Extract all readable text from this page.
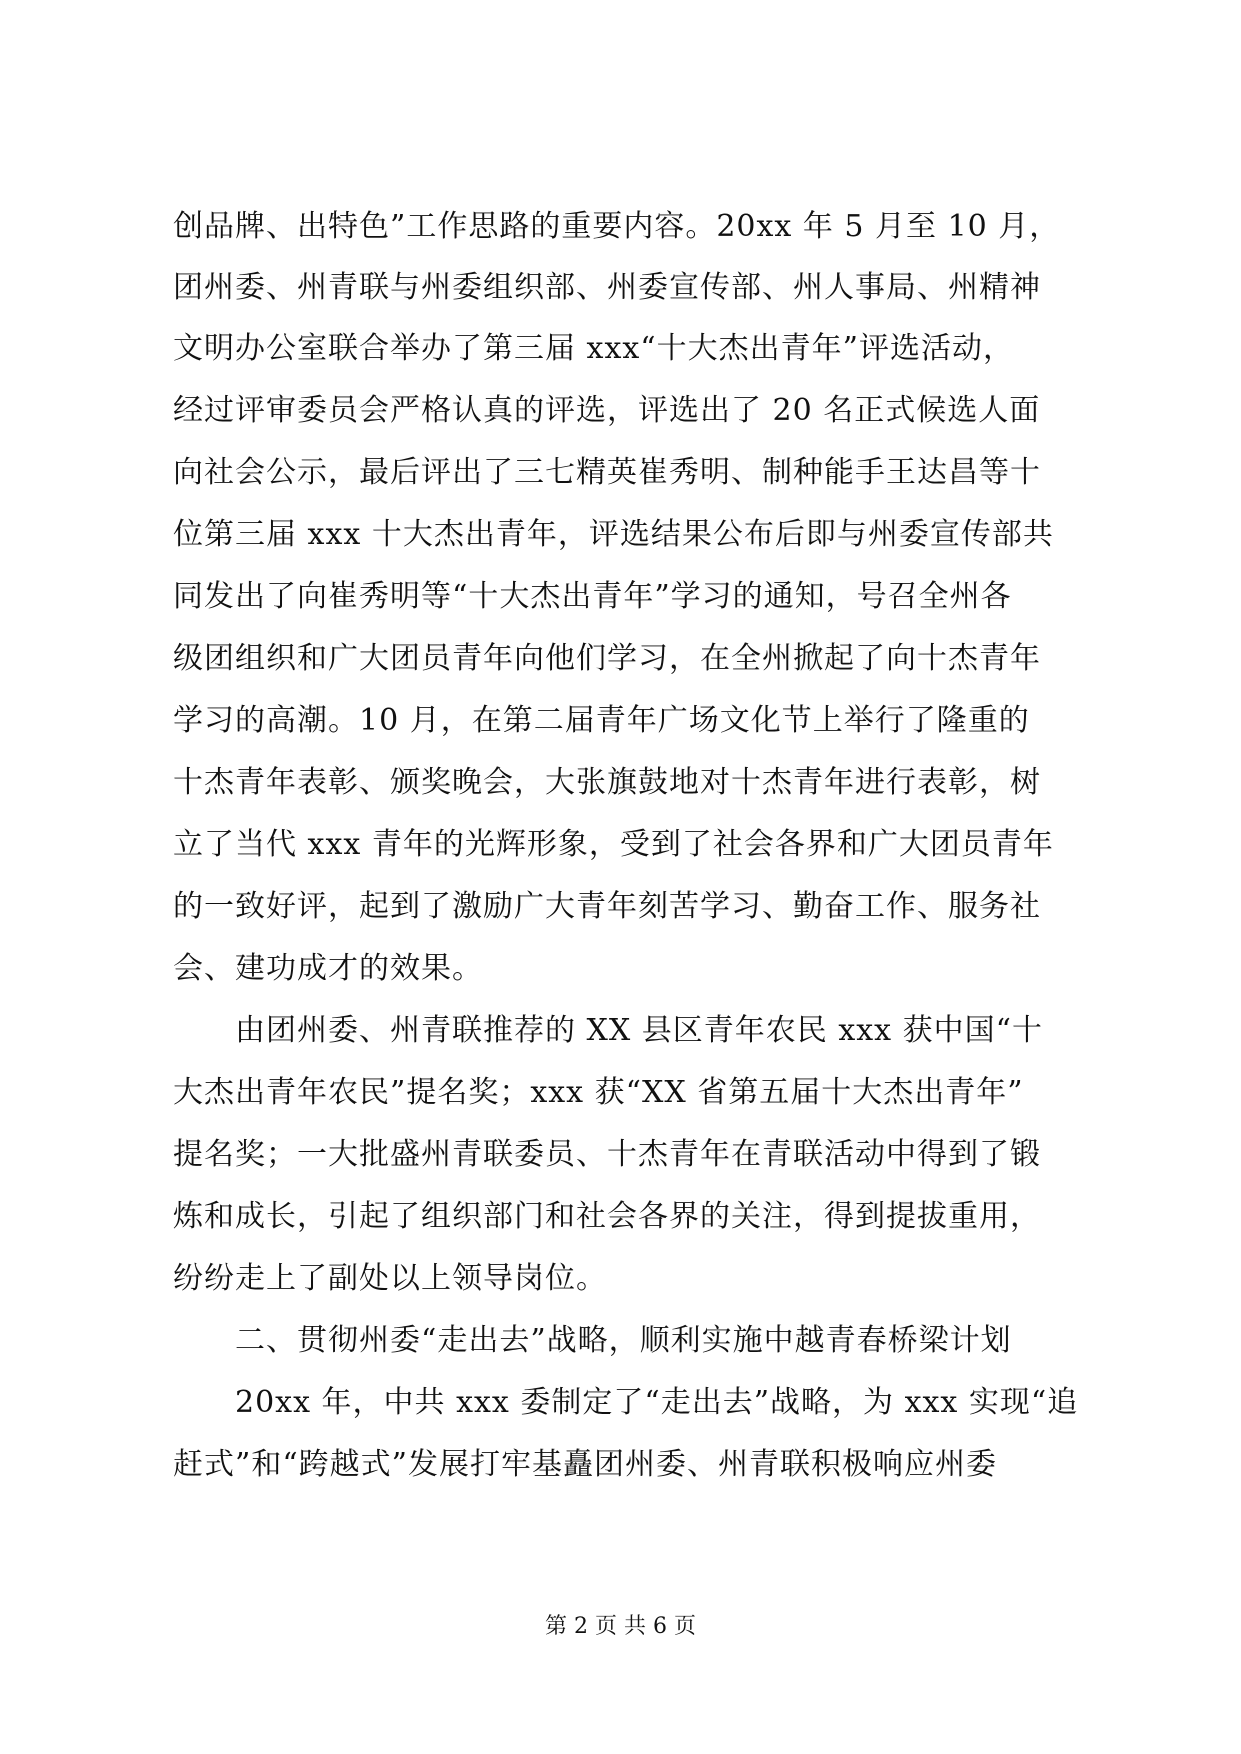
创品牌、出特色”工作思路的重要内容。20xx 年 5 月至 10 月，
团州委、州青联与州委组织部、州委宣传部、州人事局、州精神
文明办公室联合举办了第三届 xxx“十大杰出青年”评选活动，
经过评审委员会严格认真的评选，评选出了 20 名正式候选人面
向社会公示，最后评出了三七精英崔秀明、制种能手王达昌等十
位第三届 xxx 十大杰出青年，评选结果公布后即与州委宣传部共
同发出了向崔秀明等“十大杰出青年”学习的通知，号召全州各
级团组织和广大团员青年向他们学习，在全州掀起了向十杰青年
学习的高潮。10 月，在第二届青年广场文化节上举行了隆重的
十杰青年表彰、颁奖晚会，大张旗鼓地对十杰青年进行表彰，树
立了当代 xxx 青年的光辉形象，受到了社会各界和广大团员青年
的一致好评，起到了激励广大青年刻苦学习、勤奋工作、服务社
会、建功成才的效果。
　　由团州委、州青联推荐的 XX 县区青年农民 xxx 获中国“十
大杰出青年农民”提名奖；xxx 获“XX 省第五届十大杰出青年”
提名奖；一大批盛州青联委员、十杰青年在青联活动中得到了锻
炼和成长，引起了组织部门和社会各界的关注，得到提拔重用，
纷纷走上了副处以上领导岗位。
　　二、贯彻州委“走出去”战略，顺利实施中越青春桥梁计划
　　20xx 年，中共 xxx 委制定了“走出去”战略，为 xxx 实现“追
赶式”和“跨越式”发展打牢基矗团州委、州青联积极响应州委
第 2 页 共 6 页
